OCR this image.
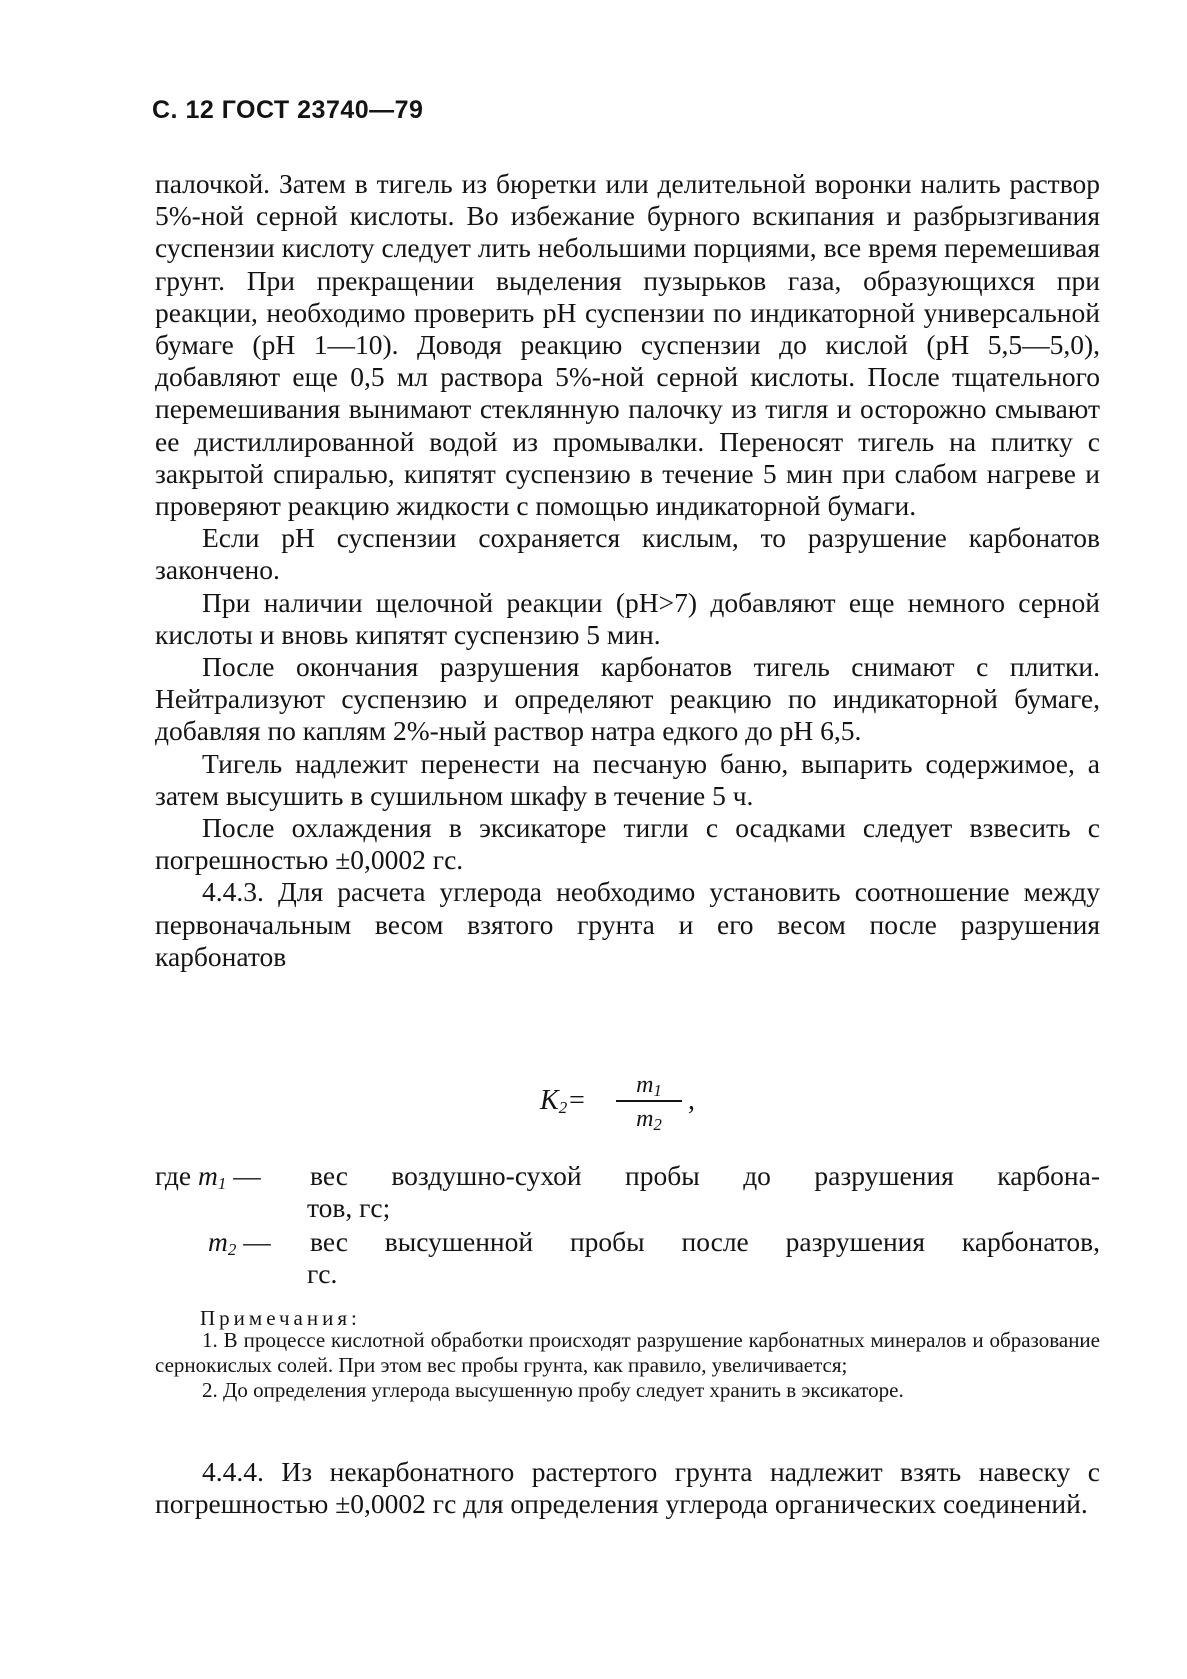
С. 12 ГОСТ 23740—79

палочкой. Затем в тигель из бюретки или делительной воронки налить раствор 5%-ной серной кислоты. Во избежание бурного вскипания и разбрызгивания суспензии кислоту следует лить небольшими порциями, все время перемешивая грунт. При прекращении выделения пузырьков газа, образующихся при реакции, необходимо проверить pH суспензии по индикаторной универсальной бумаге (pH 1—10). Доводя реакцию суспензии до кислой (pH 5,5—5,0), добавляют еще 0,5 мл раствора 5%-ной серной кислоты. После тщательного перемешивания вынимают стеклянную палочку из тигля и осторожно смывают ее дистиллированной водой из промывалки. Переносят тигель на плитку с закрытой спиралью, кипятят суспензию в течение 5 мин при слабом нагреве и проверяют реакцию жидкости с помощью индикаторной бумаги.

Если pH суспензии сохраняется кислым, то разрушение карбонатов закончено.

При наличии щелочной реакции (pH>7) добавляют еще немного серной кислоты и вновь кипятят суспензию 5 мин.

После окончания разрушения карбонатов тигель снимают с плитки. Нейтрализуют суспензию и определяют реакцию по индикаторной бумаге, добавляя по каплям 2%-ный раствор натра едкого до pH 6,5.

Тигель надлежит перенести на песчаную баню, выпарить содержимое, а затем высушить в сушильном шкафу в течение 5 ч.

После охлаждения в эксикаторе тигли с осадками следует взвесить с погрешностью ±0,0002 гс.

4.4.3. Для расчета углерода необходимо установить соотношение между первоначальным весом взятого грунта и его весом после разрушения карбонатов

$K_2=$	$m_1$
$m_2$
,
где $m_1$ — вес воздушно-сухой пробы до разрушения карбона-
тов, гс;
$m_2$ — вес высушенной пробы после разрушения карбонатов,
гс.
Примечания:

1. В процессе кислотной обработки происходят разрушение карбонатных минералов и образование сернокислых солей. При этом вес пробы грунта, как правило, увеличивается;

2. До определения углерода высушенную пробу следует хранить в эксикаторе.

4.4.4. Из некарбонатного растертого грунта надлежит взять навеску с погрешностью ±0,0002 гс для определения углерода органических соединений.
